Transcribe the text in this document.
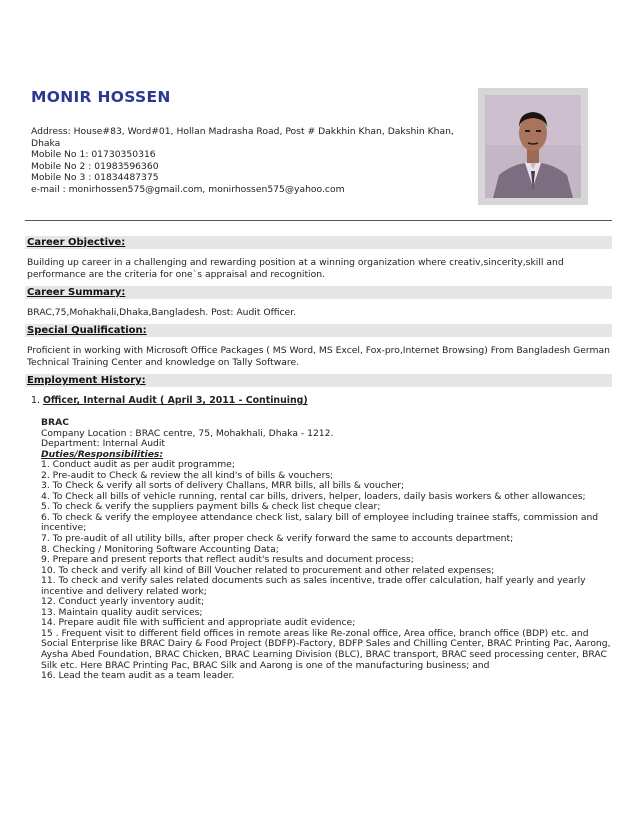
MONIR HOSSEN
Address: House#83, Word#01, Hollan Madrasha Road, Post # Dakkhin Khan, Dakshin Khan, Dhaka
Mobile No 1: 01730350316
Mobile No 2 : 01983596360
Mobile No 3 : 01834487375
e-mail : monirhossen575@gmail.com, monirhossen575@yahoo.com
Career Objective:
Building up career in a challenging and rewarding position at a winning organization where creativ,sincerity,skill and performance are the criteria for one`s appraisal and recognition.
Career Summary:
BRAC,75,Mohakhali,Dhaka,Bangladesh. Post: Audit Officer.
Special Qualification:
Proficient in working with Microsoft Office Packages ( MS Word, MS Excel, Fox-pro,Internet Browsing) From Bangladesh German Technical Training Center and knowledge on Tally Software.
Employment History:
1. Officer, Internal Audit ( April 3, 2011 - Continuing)
BRAC
Company Location : BRAC centre, 75, Mohakhali, Dhaka - 1212.
Department: Internal Audit
Duties/Responsibilities:
1. Conduct audit as per audit programme;
2. Pre-audit to Check & review the all kind's of bills & vouchers;
3. To Check & verify all sorts of delivery Challans, MRR bills, all bills & voucher;
4. To Check all bills of vehicle running, rental car bills, drivers, helper, loaders, daily basis workers & other allowances;
5. To check & verify the suppliers payment bills & check list cheque clear;
6. To check & verify the employee attendance check list, salary bill of employee including trainee staffs, commission and incentive;
7. To pre-audit of all utility bills, after proper check & verify forward the same to accounts department;
8. Checking / Monitoring Software Accounting Data;
9. Prepare and present reports that reflect audit's results and document process;
10. To check and verify all kind of Bill Voucher related to procurement and other related expenses;
11. To check and verify sales related documents such as sales incentive, trade offer calculation, half yearly and yearly incentive and delivery related work;
12. Conduct yearly inventory audit;
13. Maintain quality audit services;
14. Prepare audit file with sufficient and appropriate audit evidence;
15 . Frequent visit to different field offices in remote areas like Re-zonal office, Area office, branch office (BDP) etc. and Social Enterprise like BRAC Dairy & Food Project (BDFP)-Factory, BDFP Sales and Chilling Center, BRAC Printing Pac, Aarong, Aysha Abed Foundation, BRAC Chicken, BRAC Learning Division (BLC), BRAC transport, BRAC seed processing center, BRAC Silk etc. Here BRAC Printing Pac, BRAC Silk and Aarong is one of the manufacturing business; and
16. Lead the team audit as a team leader.
